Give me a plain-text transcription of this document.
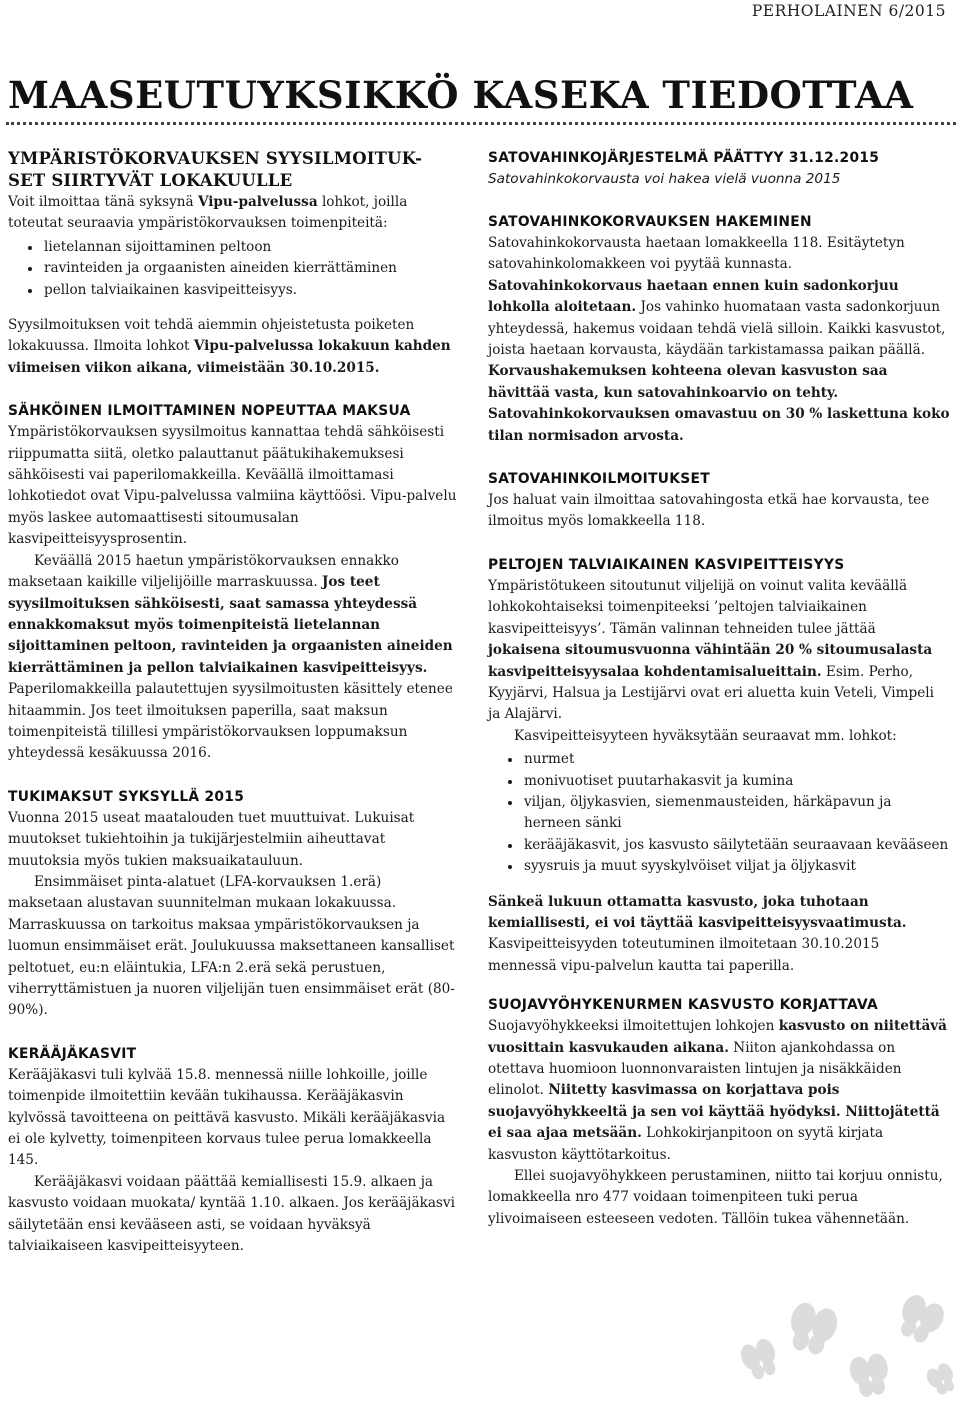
PERHOLAINEN 6/2015
MAASEUTUYKSIKKÖ KASEKA TIEDOTTAA
YMPÄRISTÖKORVAUKSEN SYYSILMOITUK-
SET SIIRTYVÄT LOKAKUULLE

Voit ilmoittaa tänä syksynä Vipu-palvelussa lohkot, joilla toteutat seuraavia ympäristökorvauksen toimenpiteitä:

• lietelannan sijoittaminen peltoon
• ravinteiden ja orgaanisten aineiden kierrättäminen
• pellon talviaikainen kasvipeitteisyys.

Syysilmoituksen voit tehdä aiemmin ohjeistetusta poiketen lokakuussa. Ilmoita lohkot Vipu-palvelussa lokakuun kahden viimeisen viikon aikana, viimeistään 30.10.2015.

SÄHKÖINEN ILMOITTAMINEN NOPEUTTAA MAKSUA

Ympäristökorvauksen syysilmoitus kannattaa tehdä sähköisesti riippumatta siitä, oletko palauttanut päätukihakemuksesi sähköisesti vai paperilomakkeilla. Keväällä ilmoittamasi lohkotiedot ovat Vipu-palvelussa valmiina käyttöösi. Vipu-palvelu myös laskee automaattisesti sitoumusalan kasvipeitteisyysprosentin.

Keväällä 2015 haetun ympäristökorvauksen ennakko maksetaan kaikille viljelijöille marraskuussa. Jos teet syysilmoituksen sähköisesti, saat samassa yhteydessä ennakkomaksut myös toimenpiteistä lietelannan sijoittaminen peltoon, ravinteiden ja orgaanisten aineiden kierrättäminen ja pellon talviaikainen kasvipeitteisyys. Paperilomakkeilla palautettujen syysilmoitusten käsittely etenee hitaammin. Jos teet ilmoituksen paperilla, saat maksun toimenpiteistä tilillesi ympäristökorvauksen loppumaksun yhteydessä kesäkuussa 2016.

TUKIMAKSUT SYKSYLLÄ 2015

Vuonna 2015 useat maatalouden tuet muuttuivat. Lukuisat muutokset tukiehtoihin ja tukijärjestelmiin aiheuttavat muutoksia myös tukien maksuaikatauluun.

Ensimmäiset pinta-alatuet (LFA-korvauksen 1.erä) maksetaan alustavan suunnitelman mukaan lokakuussa. Marraskuussa on tarkoitus maksaa ympäristökorvauksen ja luomun ensimmäiset erät. Joulukuussa maksettaneen kansalliset peltotuet, eu:n eläintukia, LFA:n 2.erä sekä perustuen, viherryttämistuen ja nuoren viljelijän tuen ensimmäiset erät (80-90%).

KERÄÄJÄKASVIT

Kerääjäkasvi tuli kylvää 15.8. mennessä niille lohkoille, joille toimenpide ilmoitettiin kevään tukihaussa. Kerääjäkasvin kylvössä tavoitteena on peittävä kasvusto. Mikäli kerääjäkasvia ei ole kylvetty, toimenpiteen korvaus tulee perua lomakkeella 145.

Kerääjäkasvi voidaan päättää kemiallisesti 15.9. alkaen ja kasvusto voidaan muokata/ kyntää 1.10. alkaen. Jos kerääjäkasvi säilytetään ensi kevääseen asti, se voidaan hyväksyä talviaikaiseen kasvipeitteisyyteen.

SATOVAHINKOJÄRJESTELMÄ PÄÄTTYY 31.12.2015

Satovahinkokorvausta voi hakea vielä vuonna 2015

SATOVAHINKOKORVAUKSEN HAKEMINEN

Satovahinkokorvausta haetaan lomakkeella 118. Esitäytetyn satovahinkolomakkeen voi pyytää kunnasta. Satovahinkokorvaus haetaan ennen kuin sadonkorjuu lohkolla aloitetaan. Jos vahinko huomataan vasta sadonkorjuun yhteydessä, hakemus voidaan tehdä vielä silloin. Kaikki kasvustot, joista haetaan korvausta, käydään tarkistamassa paikan päällä. Korvaushakemuksen kohteena olevan kasvuston saa hävittää vasta, kun satovahinkoarvio on tehty. Satovahinkokorvauksen omavastuu on 30 % laskettuna koko tilan normisadon arvosta.

SATOVAHINKOILMOITUKSET

Jos haluat vain ilmoittaa satovahingosta etkä hae korvausta, tee ilmoitus myös lomakkeella 118.

PELTOJEN TALVIAIKAINEN KASVIPEITTEISYYS

Ympäristötukeen sitoutunut viljelijä on voinut valita keväällä lohkokohtaiseksi toimenpiteeksi ’peltojen talviaikainen kasvipeitteisyys’. Tämän valinnan tehneiden tulee jättää jokaisena sitoumusvuonna vähintään 20 % sitoumusalasta kasvipeitteisyysalaa kohdentamisalueittain. Esim. Perho, Kyyjärvi, Halsua ja Lestijärvi ovat eri aluetta kuin Veteli, Vimpeli ja Alajärvi.

Kasvipeitteisyyteen hyväksytään seuraavat mm. lohkot:

• nurmet
• monivuotiset puutarhakasvit ja kumina
• viljan, öljykasvien, siemenmausteiden, härkäpavun ja herneen sänki
• kerääjäkasvit, jos kasvusto säilytetään seuraavaan kevääseen
• syysruis ja muut syyskylvöiset viljat ja öljykasvit

Sänkeä lukuun ottamatta kasvusto, joka tuhotaan kemiallisesti, ei voi täyttää kasvipeitteisyysvaatimusta. Kasvipeitteisyyden toteutuminen ilmoitetaan 30.10.2015 mennessä vipu-palvelun kautta tai paperilla.

SUOJAVYÖHYKENURMEN KASVUSTO KORJATTAVA

Suojavyöhykkeeksi ilmoitettujen lohkojen kasvusto on niitettävä vuosittain kasvukauden aikana. Niiton ajankohdassa on otettava huomioon luonnonvaraisten lintujen ja nisäkkäiden elinolot. Niitetty kasvimassa on korjattava pois suojavyöhykkeeltä ja sen voi käyttää hyödyksi. Niittojätettä ei saa ajaa metsään. Lohkokirjanpitoon on syytä kirjata kasvuston käyttötarkoitus.

Ellei suojavyöhykkeen perustaminen, niitto tai korjuu onnistu, lomakkeella nro 477 voidaan toimenpiteen tuki perua ylivoimaiseen esteeseen vedoten. Tällöin tukea vähennetään.
